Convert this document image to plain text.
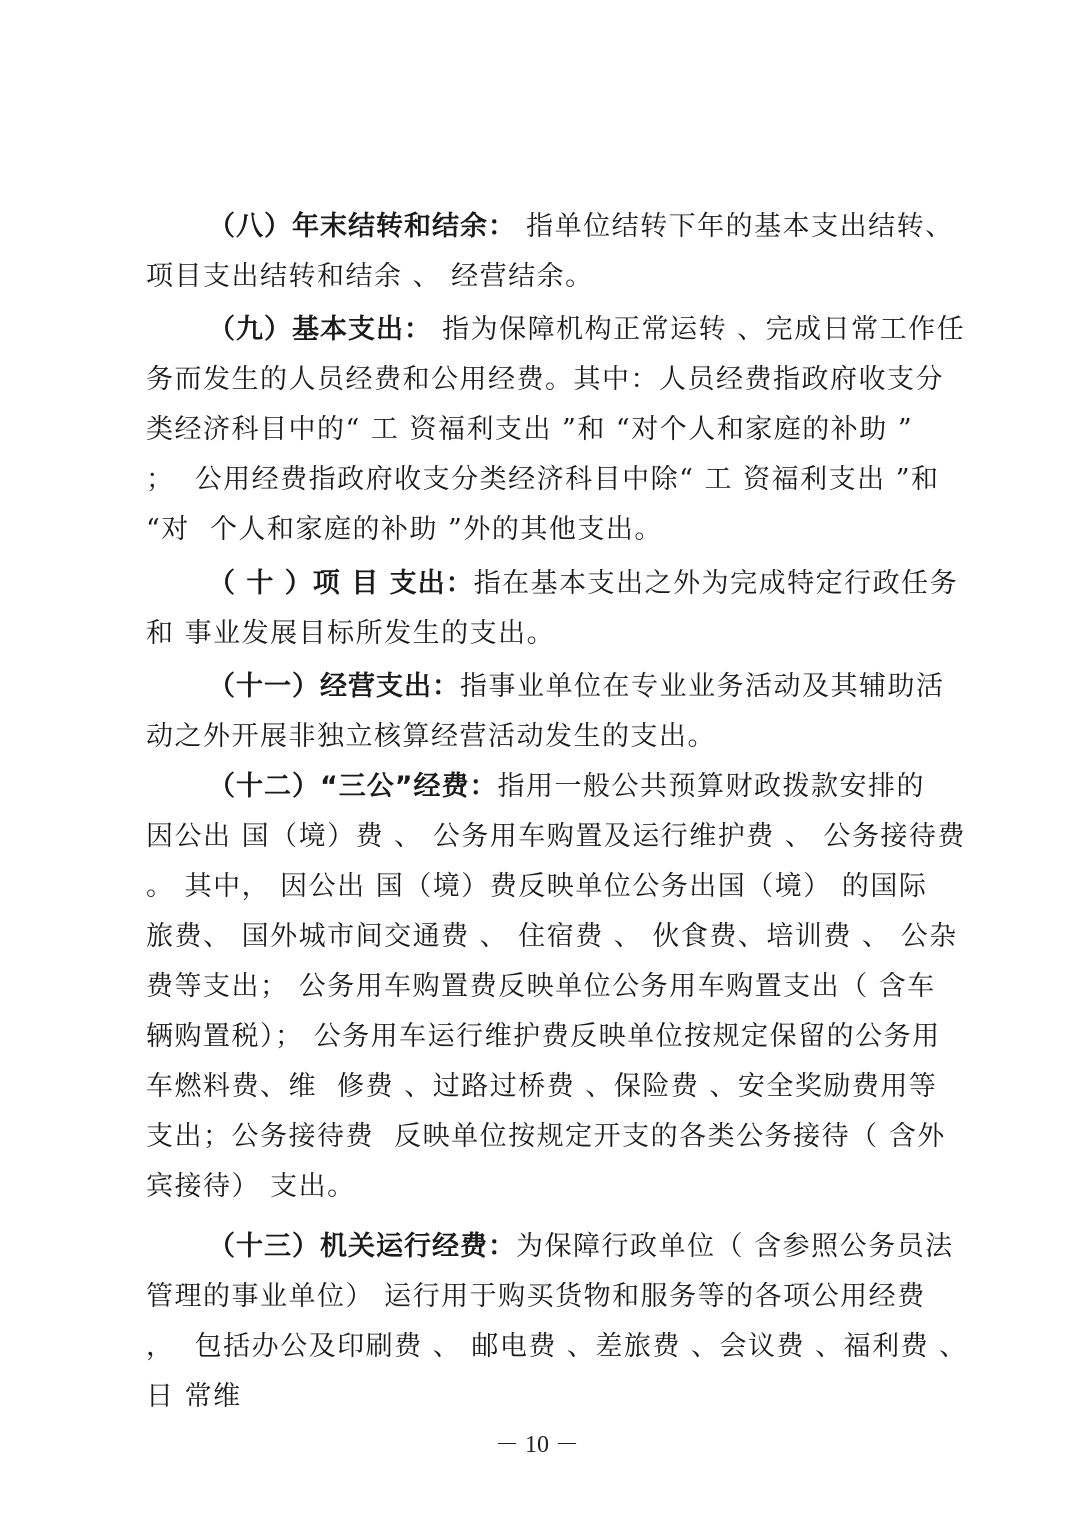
（八）年末结转和结余： 指单位结转下年的基本支出结转、
项目支出结转和结余 、 经营结余。

（九）基本支出： 指为保障机构正常运转 、完成日常工作任
务而发生的人员经费和公用经费。其中：人员经费指政府收支分
类经济科目中的“ 工 资福利支出 ”和 “对个人和家庭的补助 ”
；  公用经费指政府收支分类经济科目中除“ 工 资福利支出 ”和
“对  个人和家庭的补助 ”外的其他支出。

（ 十 ）项 目 支出：指在基本支出之外为完成特定行政任务
和 事业发展目标所发生的支出。

（十一）经营支出：指事业单位在专业业务活动及其辅助活
动之外开展非独立核算经营活动发生的支出。

（十二）“三公”经费：指用一般公共预算财政拨款安排的
因公出 国（境）费 、 公务用车购置及运行维护费 、 公务接待费
。 其中， 因公出 国（境）费反映单位公务出国（境） 的国际
旅费、 国外城市间交通费 、 住宿费 、 伙食费、培训费 、 公杂
费等支出； 公务用车购置费反映单位公务用车购置支出（ 含车
辆购置税）； 公务用车运行维护费反映单位按规定保留的公务用
车燃料费、维  修费 、过路过桥费 、保险费 、安全奖励费用等
支出；公务接待费  反映单位按规定开支的各类公务接待（ 含外
宾接待） 支出。

（十三）机关运行经费：为保障行政单位（ 含参照公务员法
管理的事业单位） 运行用于购买货物和服务等的各项公用经费
，  包括办公及印刷费 、 邮电费 、差旅费 、会议费 、福利费 、
日 常维

－ 10 －
